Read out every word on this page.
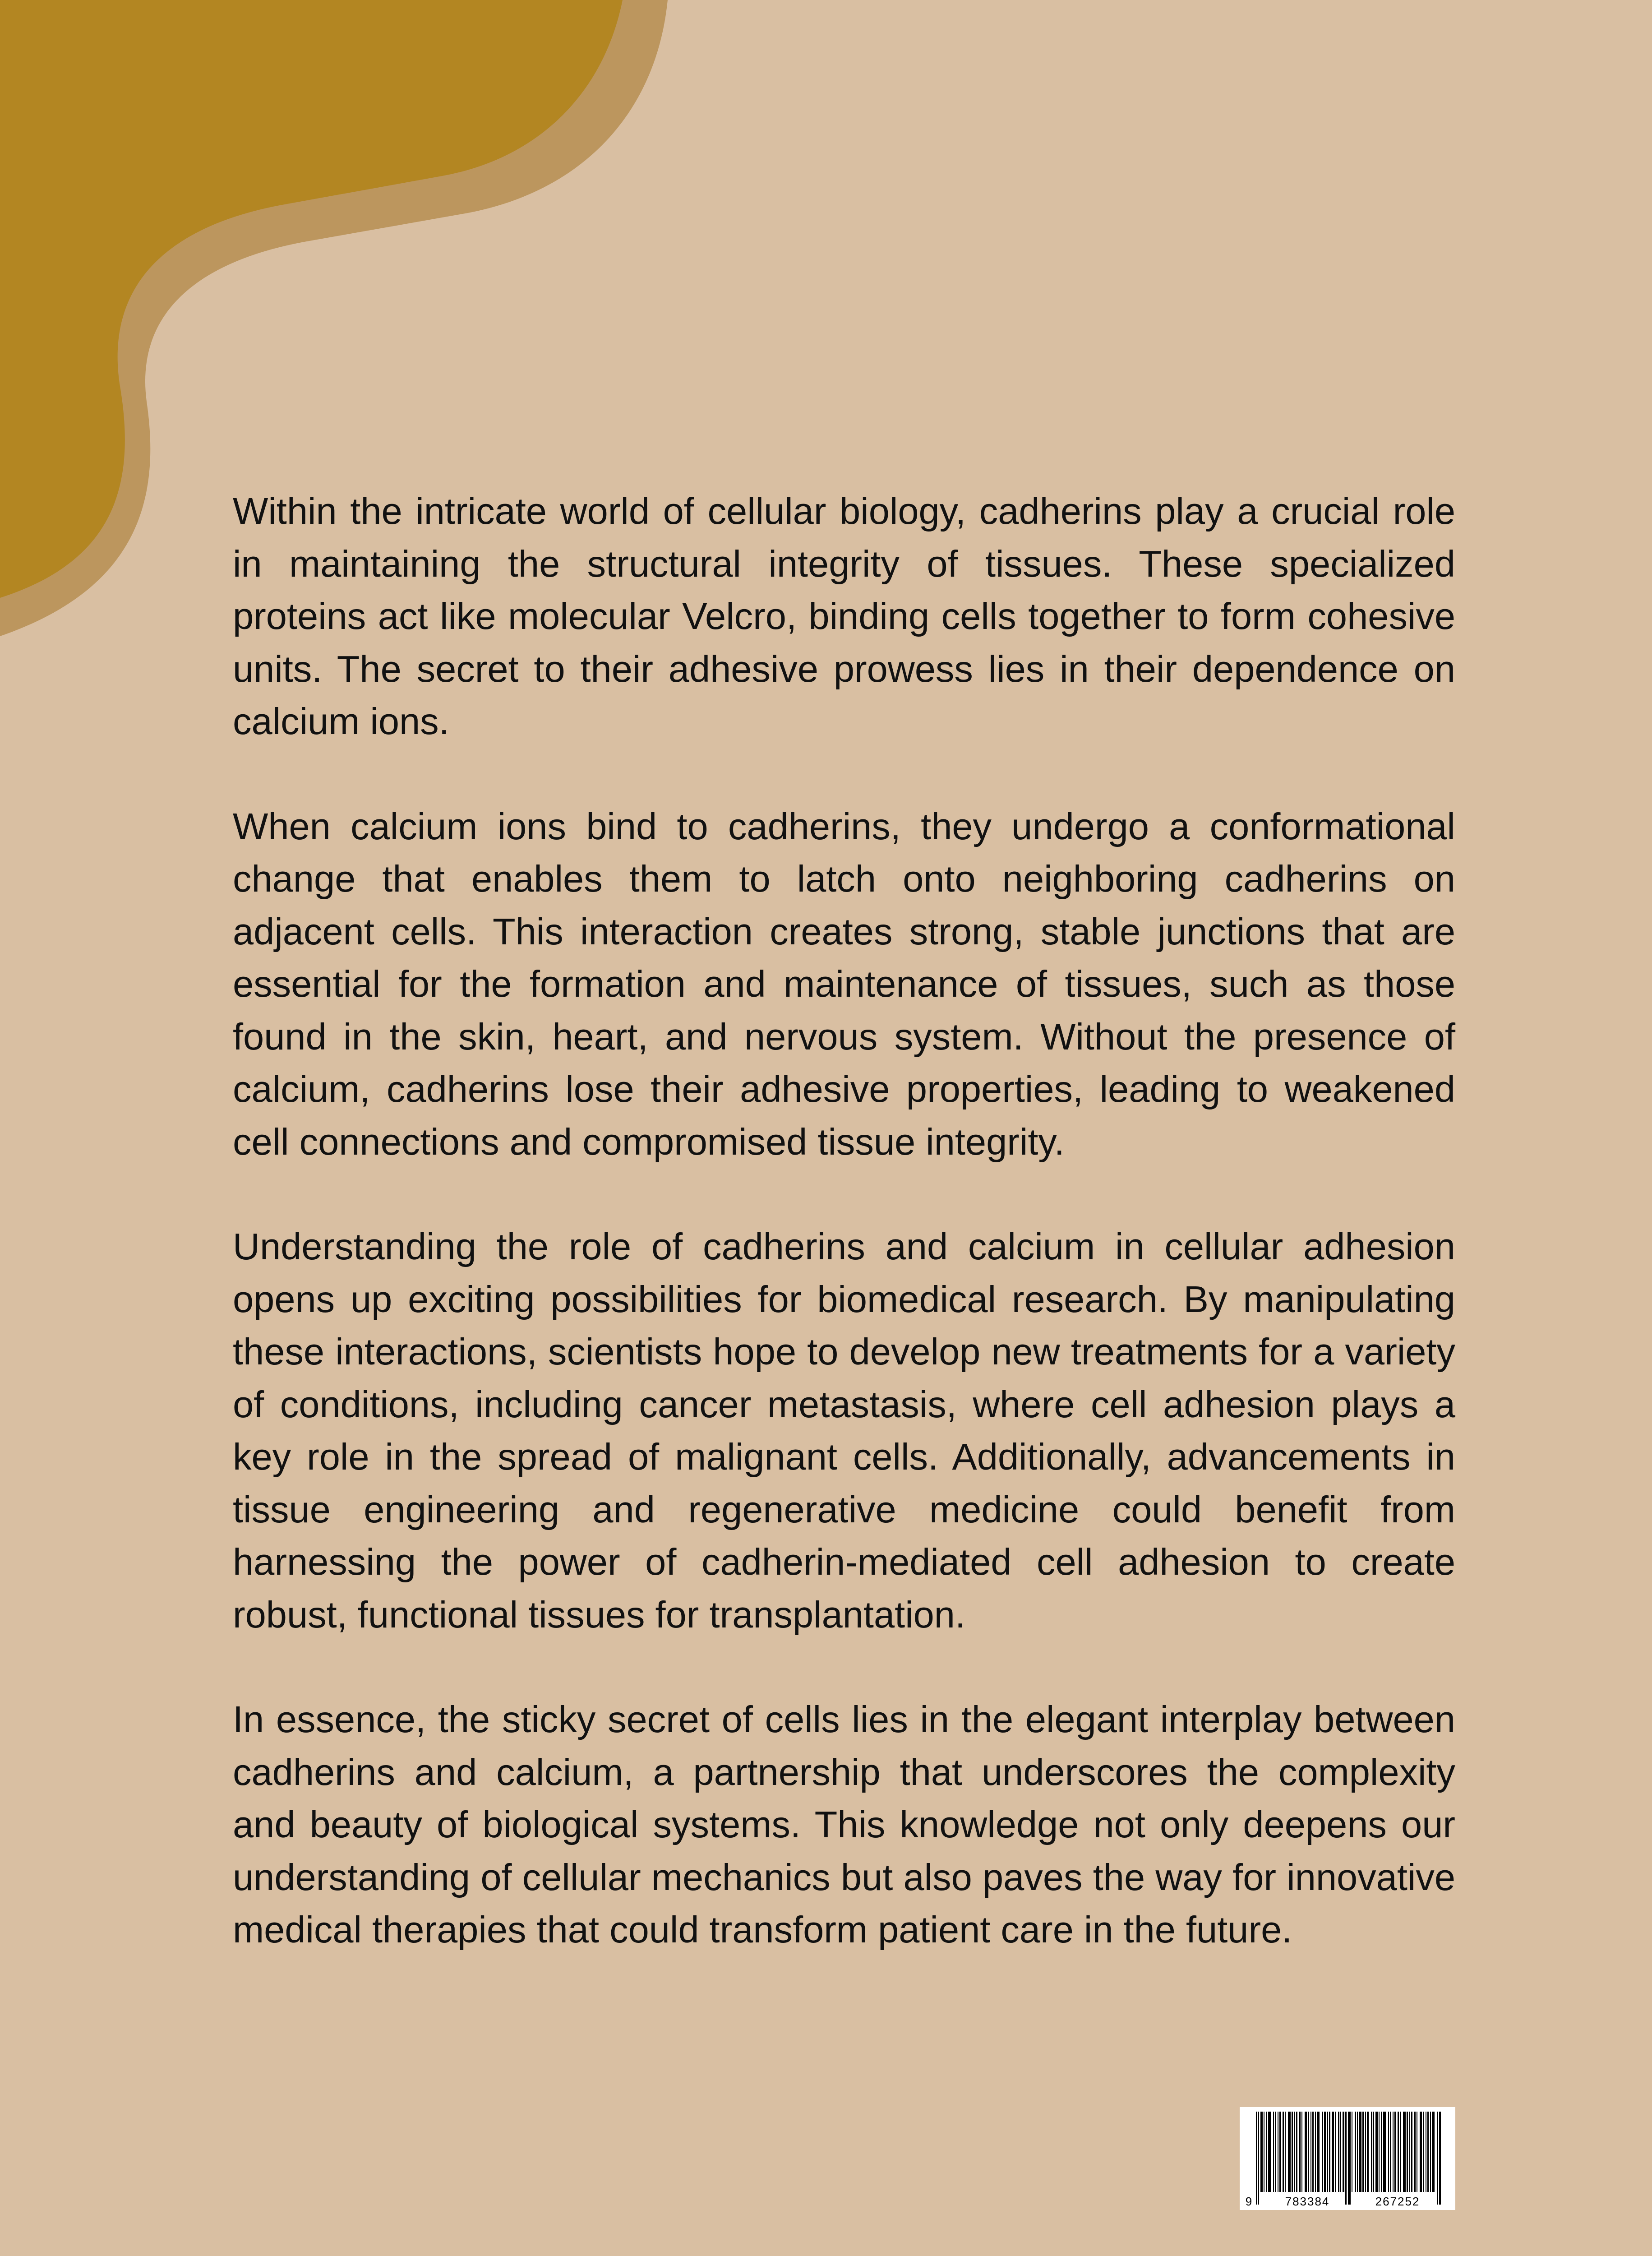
Within the intricate world of cellular biology, cadherins play a crucial role in maintaining the structural integrity of tissues. These specialized proteins act like molecular Velcro, binding cells together to form cohesive units. The secret to their adhesive prowess lies in their dependence on calcium ions.

When calcium ions bind to cadherins, they undergo a conformational change that enables them to latch onto neighboring cadherins on adjacent cells. This interaction creates strong, stable junctions that are essential for the formation and maintenance of tissues, such as those found in the skin, heart, and nervous system. Without the presence of calcium, cadherins lose their adhesive properties, leading to weakened cell connections and compromised tissue integrity.

Understanding the role of cadherins and calcium in cellular adhesion opens up exciting possibilities for biomedical research. By manipulating these interactions, scientists hope to develop new treatments for a variety of conditions, including cancer metastasis, where cell adhesion plays a key role in the spread of malignant cells. Additionally, advancements in tissue engineering and regenerative medicine could benefit from harnessing the power of cadherin-mediated cell adhesion to create robust, functional tissues for transplantation.

In essence, the sticky secret of cells lies in the elegant interplay between cadherins and calcium, a partnership that underscores the complexity and beauty of biological systems. This knowledge not only deepens our understanding of cellular mechanics but also paves the way for innovative medical therapies that could transform patient care in the future.

9	783384	267252
